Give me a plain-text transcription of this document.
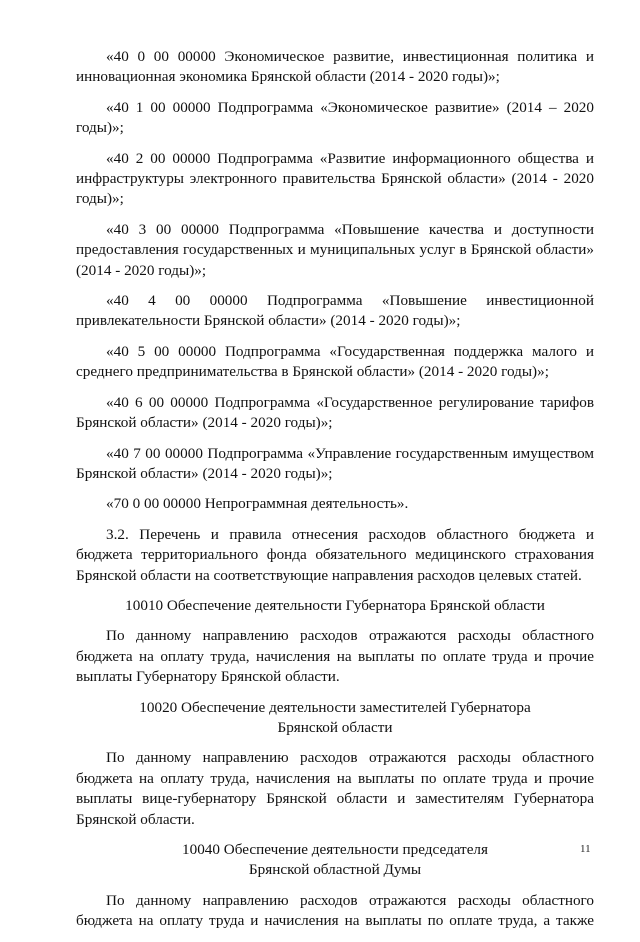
«40 0 00 00000 Экономическое развитие, инвестиционная политика и инновационная экономика Брянской области (2014 - 2020 годы)»;

«40 1 00 00000 Подпрограмма «Экономическое развитие» (2014 – 2020 годы)»;

«40 2 00 00000 Подпрограмма «Развитие информационного общества и инфраструктуры электронного правительства Брянской области» (2014 - 2020 годы)»;

«40 3 00 00000 Подпрограмма «Повышение качества и доступности предоставления государственных и муниципальных услуг в Брянской области» (2014 - 2020 годы)»;

«40 4 00 00000 Подпрограмма «Повышение инвестиционной привлекательности Брянской области» (2014 - 2020 годы)»;

«40 5 00 00000 Подпрограмма «Государственная поддержка малого и среднего предпринимательства в Брянской области» (2014 - 2020 годы)»;

«40 6 00 00000 Подпрограмма «Государственное регулирование тарифов Брянской области» (2014 - 2020 годы)»;

«40 7 00 00000 Подпрограмма «Управление государственным имуществом Брянской области» (2014 - 2020 годы)»;

«70 0 00 00000 Непрограммная деятельность».

3.2. Перечень и правила отнесения расходов областного бюджета и бюджета территориального фонда обязательного медицинского страхования Брянской области на соответствующие направления расходов целевых статей.

10010 Обеспечение деятельности Губернатора Брянской области

По данному направлению расходов отражаются расходы областного бюджета на оплату труда, начисления на выплаты по оплате труда и прочие выплаты Губернатору Брянской области.

10020 Обеспечение деятельности заместителей Губернатора
Брянской области

По данному направлению расходов отражаются расходы областного бюджета на оплату труда, начисления на выплаты по оплате труда и прочие выплаты вице-губернатору Брянской области и заместителям Губернатора Брянской области.

10040 Обеспечение деятельности председателя
Брянской областной Думы

По данному направлению расходов отражаются расходы областного бюджета на оплату труда и начисления на выплаты по оплате труда, а также

11
